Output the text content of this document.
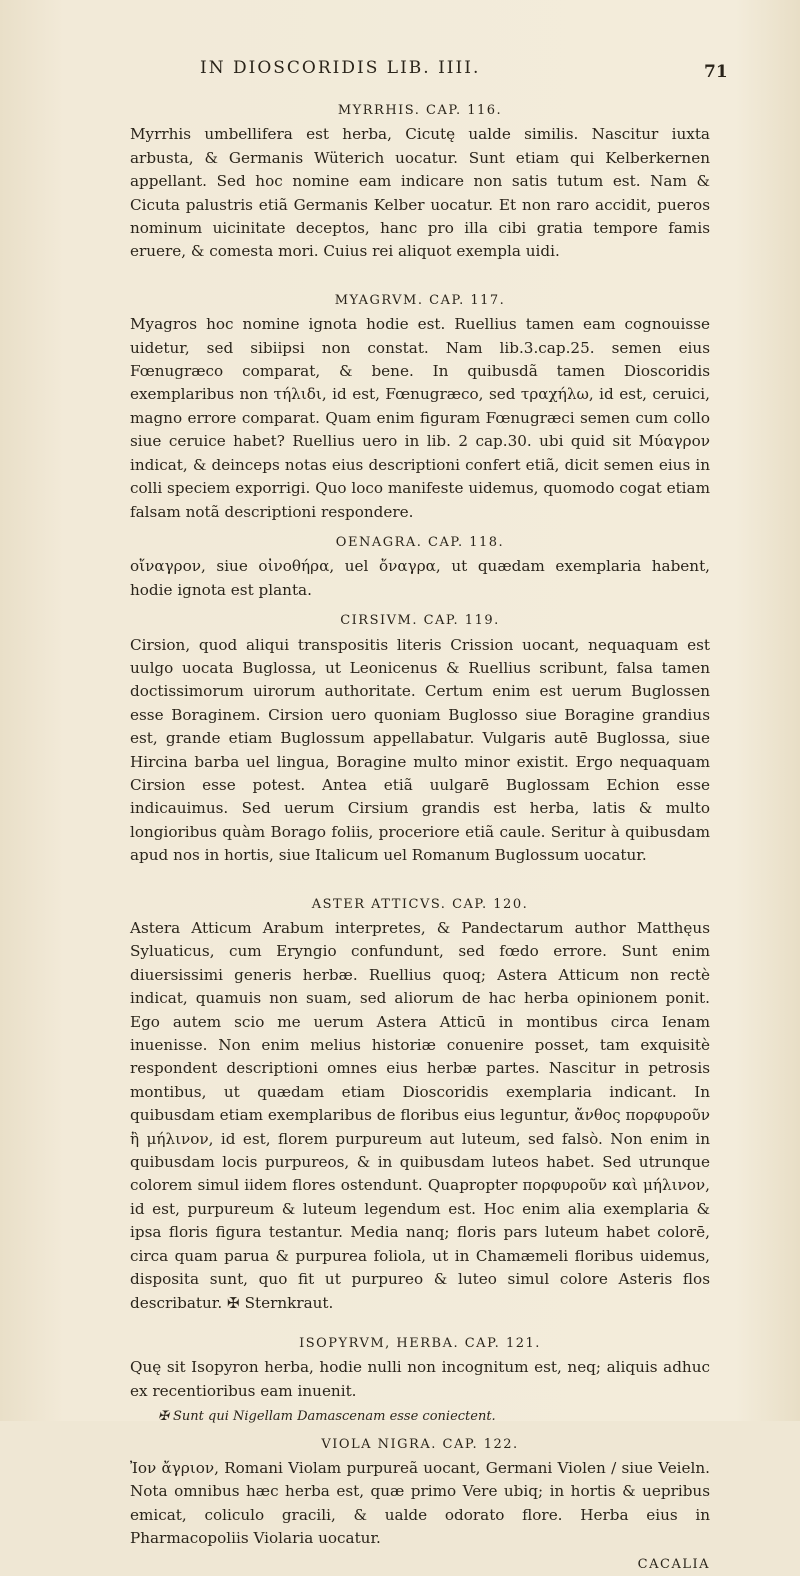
IN DIOSCORIDIS LIB. IIII.	71
MYRRHIS. CAP. 116.

Myrrhis umbellifera est herba, Cicutę ualde similis. Nascitur iuxta arbusta, & Germanis Wüterich uocatur. Sunt etiam qui Kelberkernen appellant. Sed hoc nomine eam indicare non satis tutum est. Nam & Cicuta palustris etiã Germanis Kelber uocatur. Et non raro accidit, pueros nominum uicinitate deceptos, hanc pro illa cibi gratia tempore famis eruere, & comesta mori. Cuius rei aliquot exempla uidi.

MYAGRVM. CAP. 117.

Myagros hoc nomine ignota hodie est. Ruellius tamen eam cognouisse uidetur, sed sibiipsi non constat. Nam lib.3.cap.25. semen eius Fœnugræco comparat, & bene. In quibusdã tamen Dioscoridis exemplaribus non τήλιδι, id est, Fœnugræco, sed τραχήλω, id est, ceruici, magno errore comparat. Quam enim figuram Fœnugræci semen cum collo siue ceruice habet? Ruellius uero in lib. 2 cap.30. ubi quid sit Μύαγρον indicat, & deinceps notas eius descriptioni confert etiã, dicit semen eius in colli speciem exporrigi. Quo loco manifeste uidemus, quomodo cogat etiam falsam notã descriptioni respondere.

OENAGRA. CAP. 118.

οἴναγρον, siue οἰνοθήρα, uel ὄναγρα, ut quædam exemplaria habent, hodie ignota est planta.

CIRSIVM. CAP. 119.

Cirsion, quod aliqui transpositis literis Crission uocant, nequaquam est uulgo uocata Buglossa, ut Leonicenus & Ruellius scribunt, falsa tamen doctissimorum uirorum authoritate. Certum enim est uerum Buglossen esse Boraginem. Cirsion uero quoniam Buglosso siue Boragine grandius est, grande etiam Buglossum appellabatur. Vulgaris autē Buglossa, siue Hircina barba uel lingua, Boragine multo minor existit. Ergo nequaquam Cirsion esse potest. Antea etiã uulgarē Buglossam Echion esse indicauimus. Sed uerum Cirsium grandis est herba, latis & multo longioribus quàm Borago foliis, proceriore etiã caule. Seritur à quibusdam apud nos in hortis, siue Italicum uel Romanum Buglossum uocatur.

ASTER ATTICVS. CAP. 120.

Astera Atticum Arabum interpretes, & Pandectarum author Matthęus Syluaticus, cum Eryngio confundunt, sed fœdo errore. Sunt enim diuersissimi generis herbæ. Ruellius quoq; Astera Atticum non rectè indicat, quamuis non suam, sed aliorum de hac herba opinionem ponit. Ego autem scio me uerum Astera Atticū in montibus circa Ienam inuenisse. Non enim melius historiæ conuenire posset, tam exquisitè respondent descriptioni omnes eius herbæ partes. Nascitur in petrosis montibus, ut quædam etiam Dioscoridis exemplaria indicant. In quibusdam etiam exemplaribus de floribus eius leguntur, ἄνθος πορφυροῦν ἢ μήλινον, id est, florem purpureum aut luteum, sed falsò. Non enim in quibusdam locis purpureos, & in quibusdam luteos habet. Sed utrunque colorem simul iidem flores ostendunt. Quapropter πορφυροῦν καὶ μήλινον, id est, purpureum & luteum legendum est. Hoc enim alia exemplaria & ipsa floris figura testantur. Media nanq; floris pars luteum habet colorē, circa quam parua & purpurea foliola, ut in Chamæmeli floribus uidemus, disposita sunt, quo fit ut purpureo & luteo simul colore Asteris flos describatur. ✠ Sternkraut.

ISOPYRVM, HERBA. CAP. 121.

Quę sit Isopyron herba, hodie nulli non incognitum est, neq; aliquis adhuc ex recentioribus eam inuenit.

✠ Sunt qui Nigellam Damascenam esse coniectent.
VIOLA NIGRA. CAP. 122.

Ἰον ἄγριον, Romani Violam purpureã uocant, Germani Violen / siue Veieln. Nota omnibus hæc herba est, quæ primo Vere ubiq; in hortis & uepribus emicat, coliculo gracili, & ualde odorato flore. Herba eius in Pharmacopoliis Violaria uocatur.

CACALIA
